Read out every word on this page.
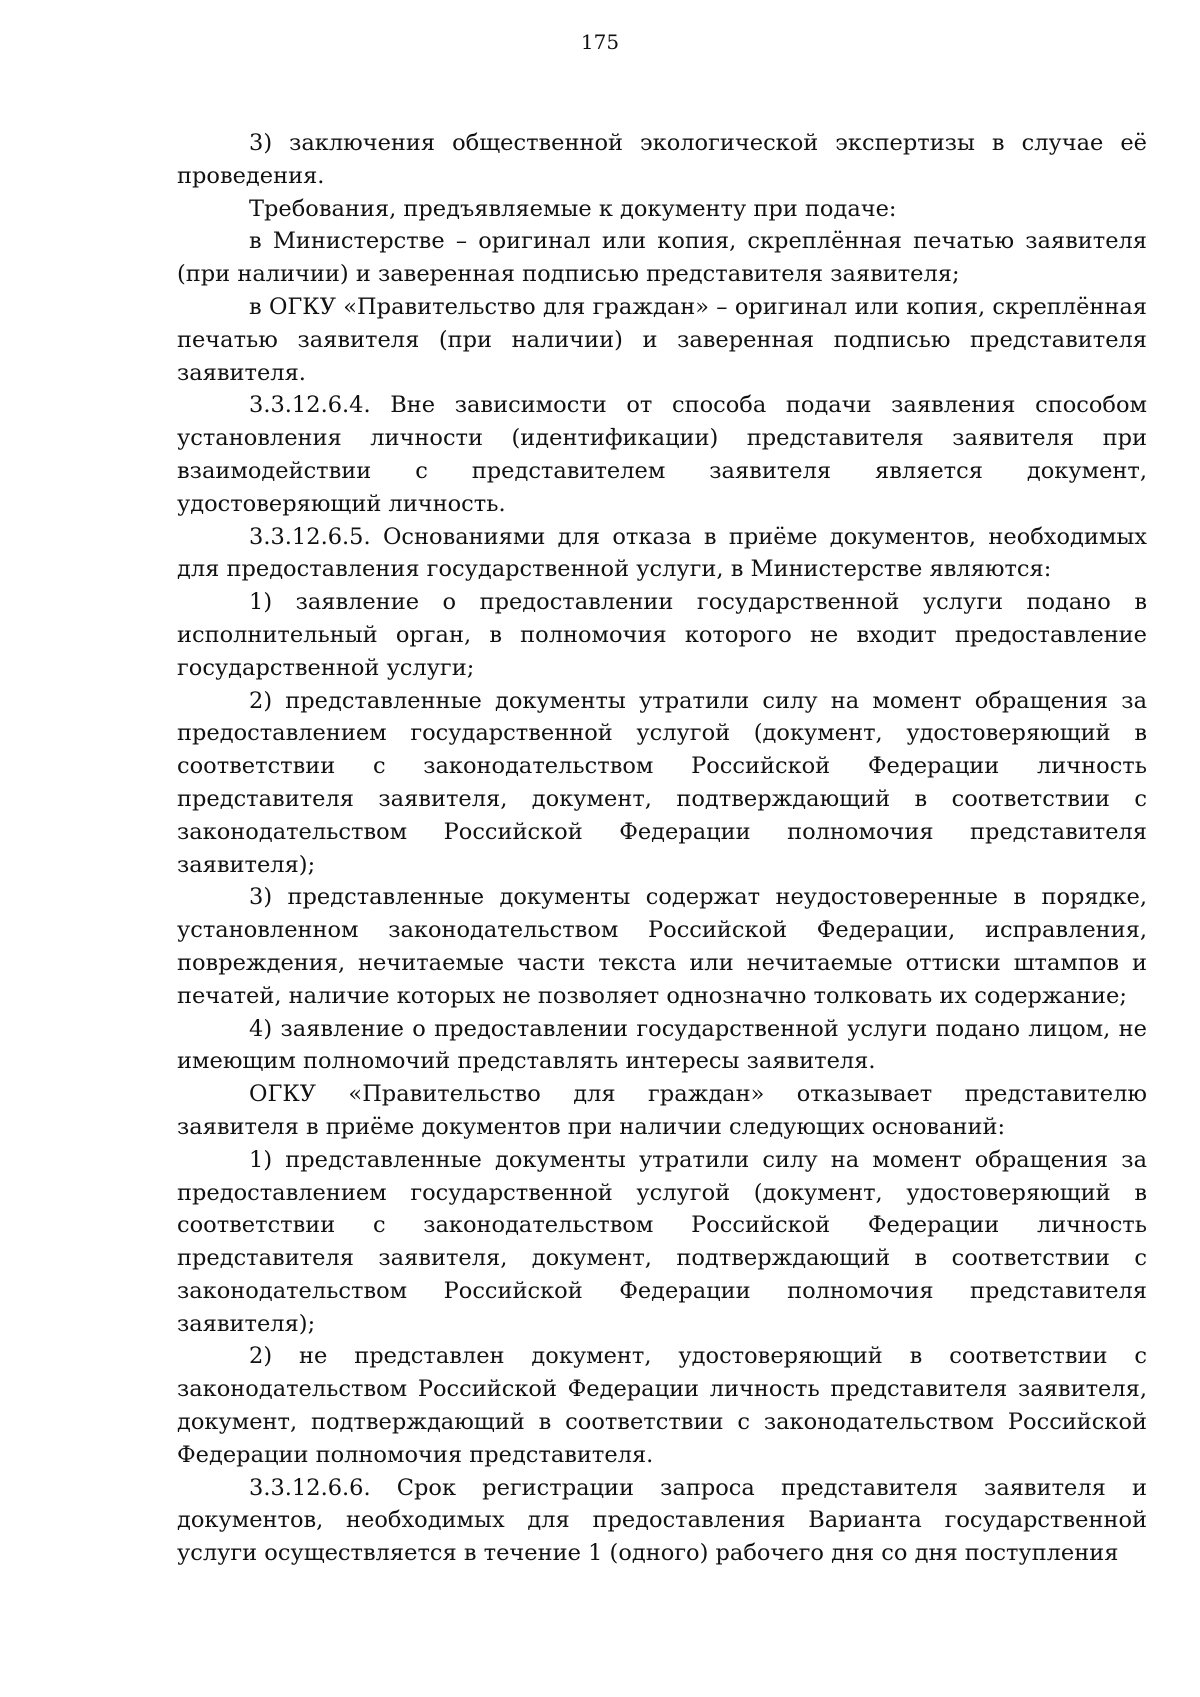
175

3) заключения общественной экологической экспертизы в случае её проведения.

Требования, предъявляемые к документу при подаче:

в Министерстве – оригинал или копия, скреплённая печатью заявителя (при наличии) и заверенная подписью представителя заявителя;

в ОГКУ «Правительство для граждан» – оригинал или копия, скреплённая печатью заявителя (при наличии) и заверенная подписью представителя заявителя.

3.3.12.6.4. Вне зависимости от способа подачи заявления способом установления личности (идентификации) представителя заявителя при взаимодействии с представителем заявителя является документ, удостоверяющий личность.

3.3.12.6.5. Основаниями для отказа в приёме документов, необходимых для предоставления государственной услуги, в Министерстве являются:

1) заявление о предоставлении государственной услуги подано в исполнительный орган, в полномочия которого не входит предоставление государственной услуги;

2) представленные документы утратили силу на момент обращения за предоставлением государственной услугой (документ, удостоверяющий в соответствии с законодательством Российской Федерации личность представителя заявителя, документ, подтверждающий в соответствии с законодательством Российской Федерации полномочия представителя заявителя);

3) представленные документы содержат неудостоверенные в порядке, установленном законодательством Российской Федерации, исправления, повреждения, нечитаемые части текста или нечитаемые оттиски штампов и печатей, наличие которых не позволяет однозначно толковать их содержание;

4) заявление о предоставлении государственной услуги подано лицом, не имеющим полномочий представлять интересы заявителя.

ОГКУ «Правительство для граждан» отказывает представителю заявителя в приёме документов при наличии следующих оснований:

1) представленные документы утратили силу на момент обращения за предоставлением государственной услугой (документ, удостоверяющий в соответствии с законодательством Российской Федерации личность представителя заявителя, документ, подтверждающий в соответствии с законодательством Российской Федерации полномочия представителя заявителя);

2) не представлен документ, удостоверяющий в соответствии с законодательством Российской Федерации личность представителя заявителя, документ, подтверждающий в соответствии с законодательством Российской Федерации полномочия представителя.

3.3.12.6.6. Срок регистрации запроса представителя заявителя и документов, необходимых для предоставления Варианта государственной услуги осуществляется в течение 1 (одного) рабочего дня со дня поступления
